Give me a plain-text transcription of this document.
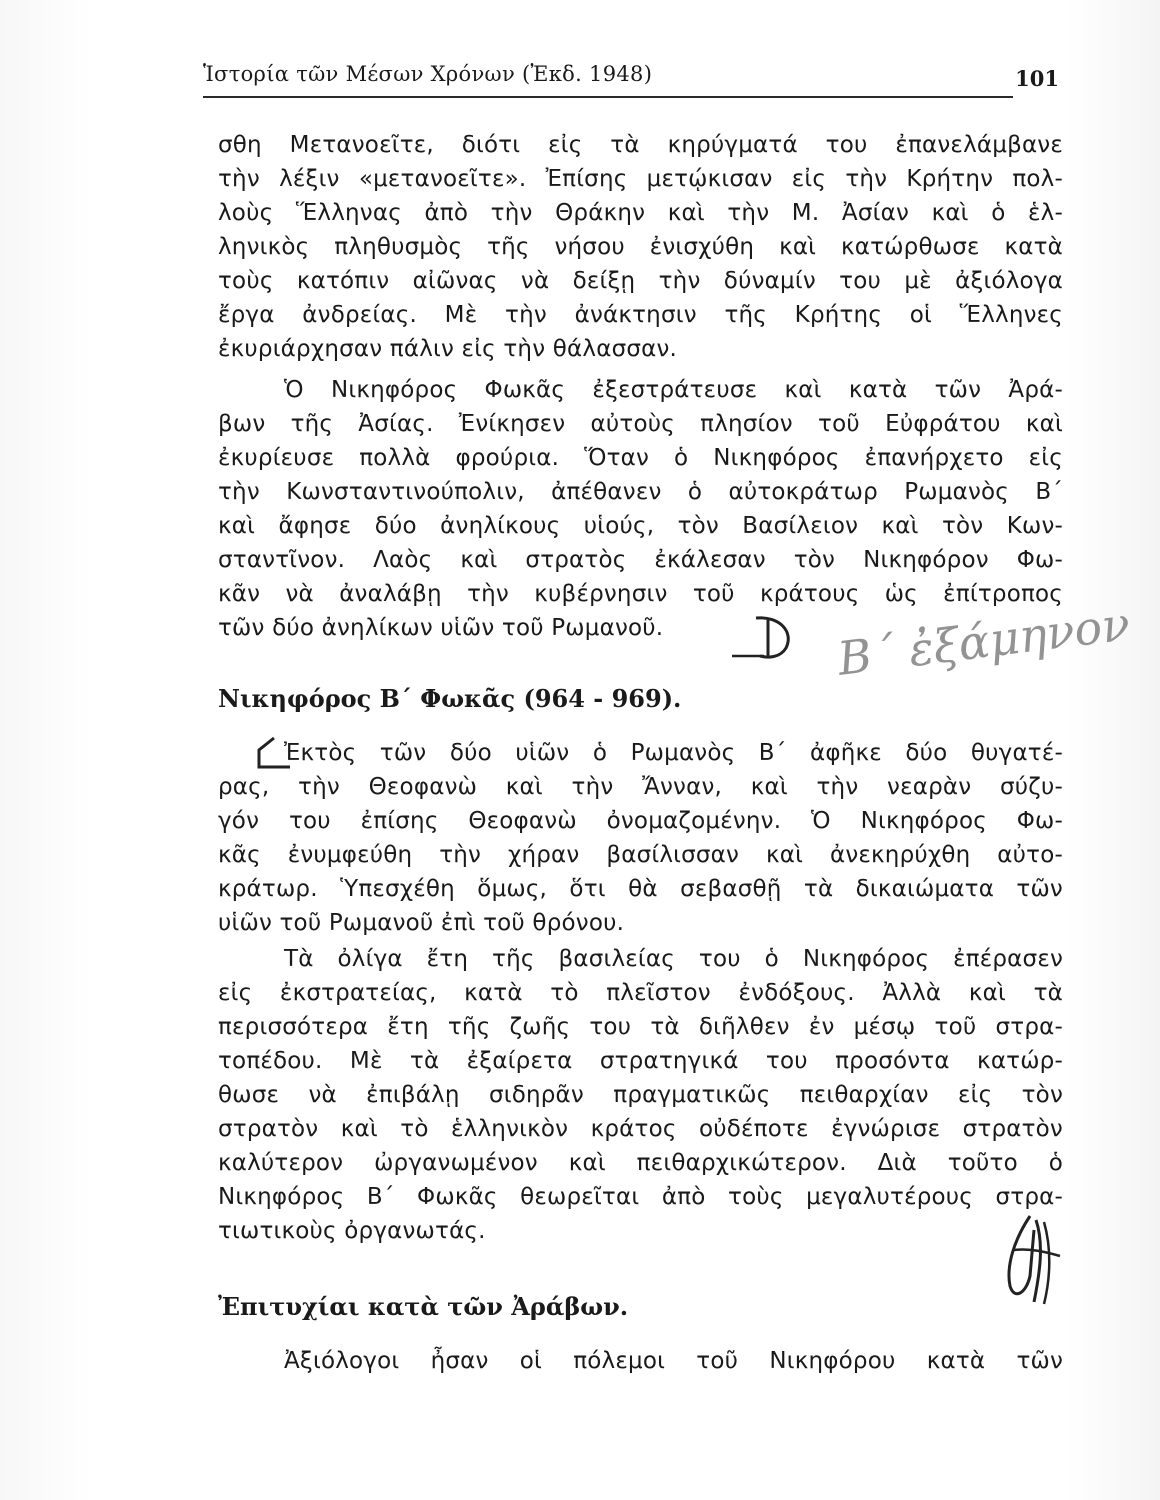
Ἱστορία τῶν Μέσων Χρόνων (Ἐκδ. 1948)	101
σθη Μετανοεῖτε, διότι εἰς τὰ κηρύγματά του ἐπανελάμβανε
τὴν λέξιν «μετανοεῖτε». Ἐπίσης μετῴκισαν εἰς τὴν Κρήτην πολ-
λοὺς Ἕλληνας ἀπὸ τὴν Θράκην καὶ τὴν Μ. Ἀσίαν καὶ ὁ ἑλ-
ληνικὸς πληθυσμὸς τῆς νήσου ἐνισχύθη καὶ κατώρθωσε κατὰ
τοὺς κατόπιν αἰῶνας νὰ δείξῃ τὴν δύναμίν του μὲ ἀξιόλογα
ἔργα ἀνδρείας. Μὲ τὴν ἀνάκτησιν τῆς Κρήτης οἱ Ἕλληνες
ἐκυριάρχησαν πάλιν εἰς τὴν θάλασσαν.
Ὁ Νικηφόρος Φωκᾶς ἐξεστράτευσε καὶ κατὰ τῶν Ἀρά-
βων τῆς Ἀσίας. Ἐνίκησεν αὐτοὺς πλησίον τοῦ Εὐφράτου καὶ
ἐκυρίευσε πολλὰ φρούρια. Ὅταν ὁ Νικηφόρος ἐπανήρχετο εἰς
τὴν Κωνσταντινούπολιν, ἀπέθανεν ὁ αὐτοκράτωρ Ρωμανὸς Β΄
καὶ ἄφησε δύο ἀνηλίκους υἱούς, τὸν Βασίλειον καὶ τὸν Κων-
σταντῖνον. Λαὸς καὶ στρατὸς ἐκάλεσαν τὸν Νικηφόρον Φω-
κᾶν νὰ ἀναλάβῃ τὴν κυβέρνησιν τοῦ κράτους ὡς ἐπίτροπος
τῶν δύο ἀνηλίκων υἱῶν τοῦ Ρωμανοῦ.	Β΄ ἐξάμηνον
Νικηφόρος Β΄ Φωκᾶς (964 - 969).
Ἐκτὸς τῶν δύο υἱῶν ὁ Ρωμανὸς Β΄ ἀφῆκε δύο θυγατέ-
ρας, τὴν Θεοφανὼ καὶ τὴν Ἄνναν, καὶ τὴν νεαρὰν σύζυ-
γόν του ἐπίσης Θεοφανὼ ὀνομαζομένην. Ὁ Νικηφόρος Φω-
κᾶς ἐνυμφεύθη τὴν χήραν βασίλισσαν καὶ ἀνεκηρύχθη αὐτο-
κράτωρ. Ὑπεσχέθη ὅμως, ὅτι θὰ σεβασθῇ τὰ δικαιώματα τῶν
υἱῶν τοῦ Ρωμανοῦ ἐπὶ τοῦ θρόνου.
Τὰ ὀλίγα ἔτη τῆς βασιλείας του ὁ Νικηφόρος ἐπέρασεν
εἰς ἐκστρατείας, κατὰ τὸ πλεῖστον ἐνδόξους. Ἀλλὰ καὶ τὰ
περισσότερα ἔτη τῆς ζωῆς του τὰ διῆλθεν ἐν μέσῳ τοῦ στρα-
τοπέδου. Μὲ τὰ ἐξαίρετα στρατηγικά του προσόντα κατώρ-
θωσε νὰ ἐπιβάλῃ σιδηρᾶν πραγματικῶς πειθαρχίαν εἰς τὸν
στρατὸν καὶ τὸ ἑλληνικὸν κράτος οὐδέποτε ἐγνώρισε στρατὸν
καλύτερον ὠργανωμένον καὶ πειθαρχικώτερον. Διὰ τοῦτο ὁ
Νικηφόρος Β΄ Φωκᾶς θεωρεῖται ἀπὸ τοὺς μεγαλυτέρους στρα-
τιωτικοὺς ὀργανωτάς.
Ἐπιτυχίαι κατὰ τῶν Ἀράβων.
Ἀξιόλογοι ἦσαν οἱ πόλεμοι τοῦ Νικηφόρου κατὰ τῶν
